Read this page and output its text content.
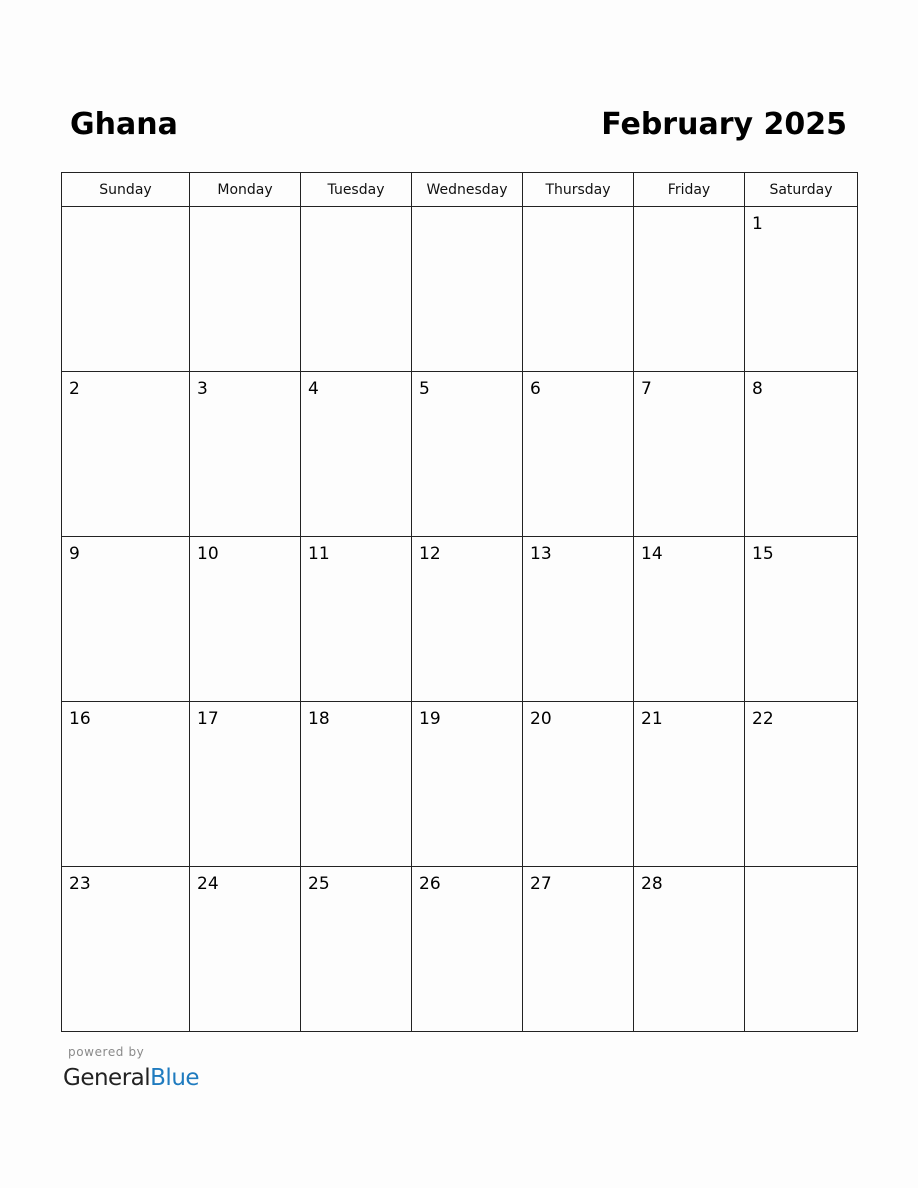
Ghana	February 2025
Sunday	Monday	Tuesday	Wednesday	Thursday	Friday	Saturday

						1

2	3	4	5	6	7	8

9	10	11	12	13	14	15

16	17	18	19	20	21	22

23	24	25	26	27	28	

powered by
GeneralBlue
